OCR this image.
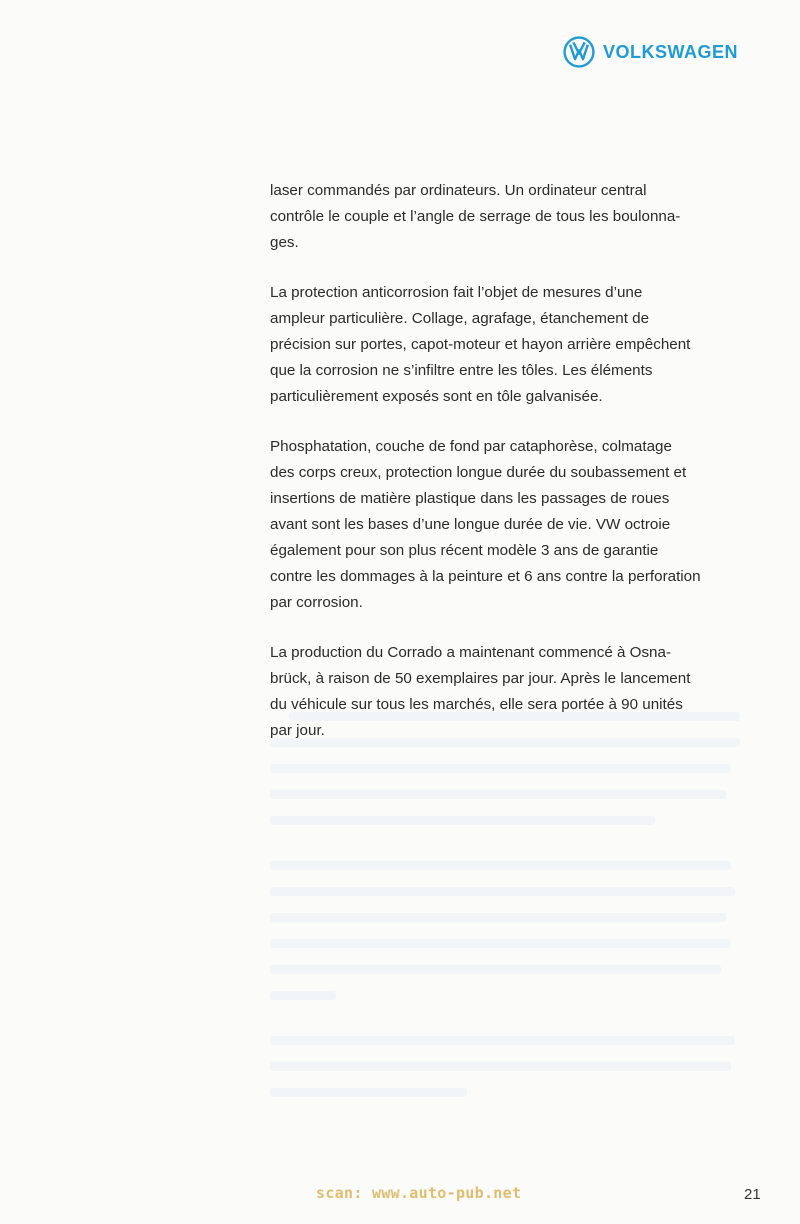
VOLKSWAGEN

laser commandés par ordinateurs. Un ordinateur central
contrôle le couple et l’angle de serrage de tous les boulonna-
ges.

La protection anticorrosion fait l’objet de mesures d’une
ampleur particulière. Collage, agrafage, étanchement de
précision sur portes, capot-moteur et hayon arrière empêchent
que la corrosion ne s’infiltre entre les tôles. Les éléments
particulièrement exposés sont en tôle galvanisée.

Phosphatation, couche de fond par cataphorèse, colmatage
des corps creux, protection longue durée du soubassement et
insertions de matière plastique dans les passages de roues
avant sont les bases d’une longue durée de vie. VW octroie
également pour son plus récent modèle 3 ans de garantie
contre les dommages à la peinture et 6 ans contre la perforation
par corrosion.

La production du Corrado a maintenant commencé à Osna-
brück, à raison de 50 exemplaires par jour. Après le lancement
du véhicule sur tous les marchés, elle sera portée à 90 unités
par jour.

scan: www.auto-pub.net	21
